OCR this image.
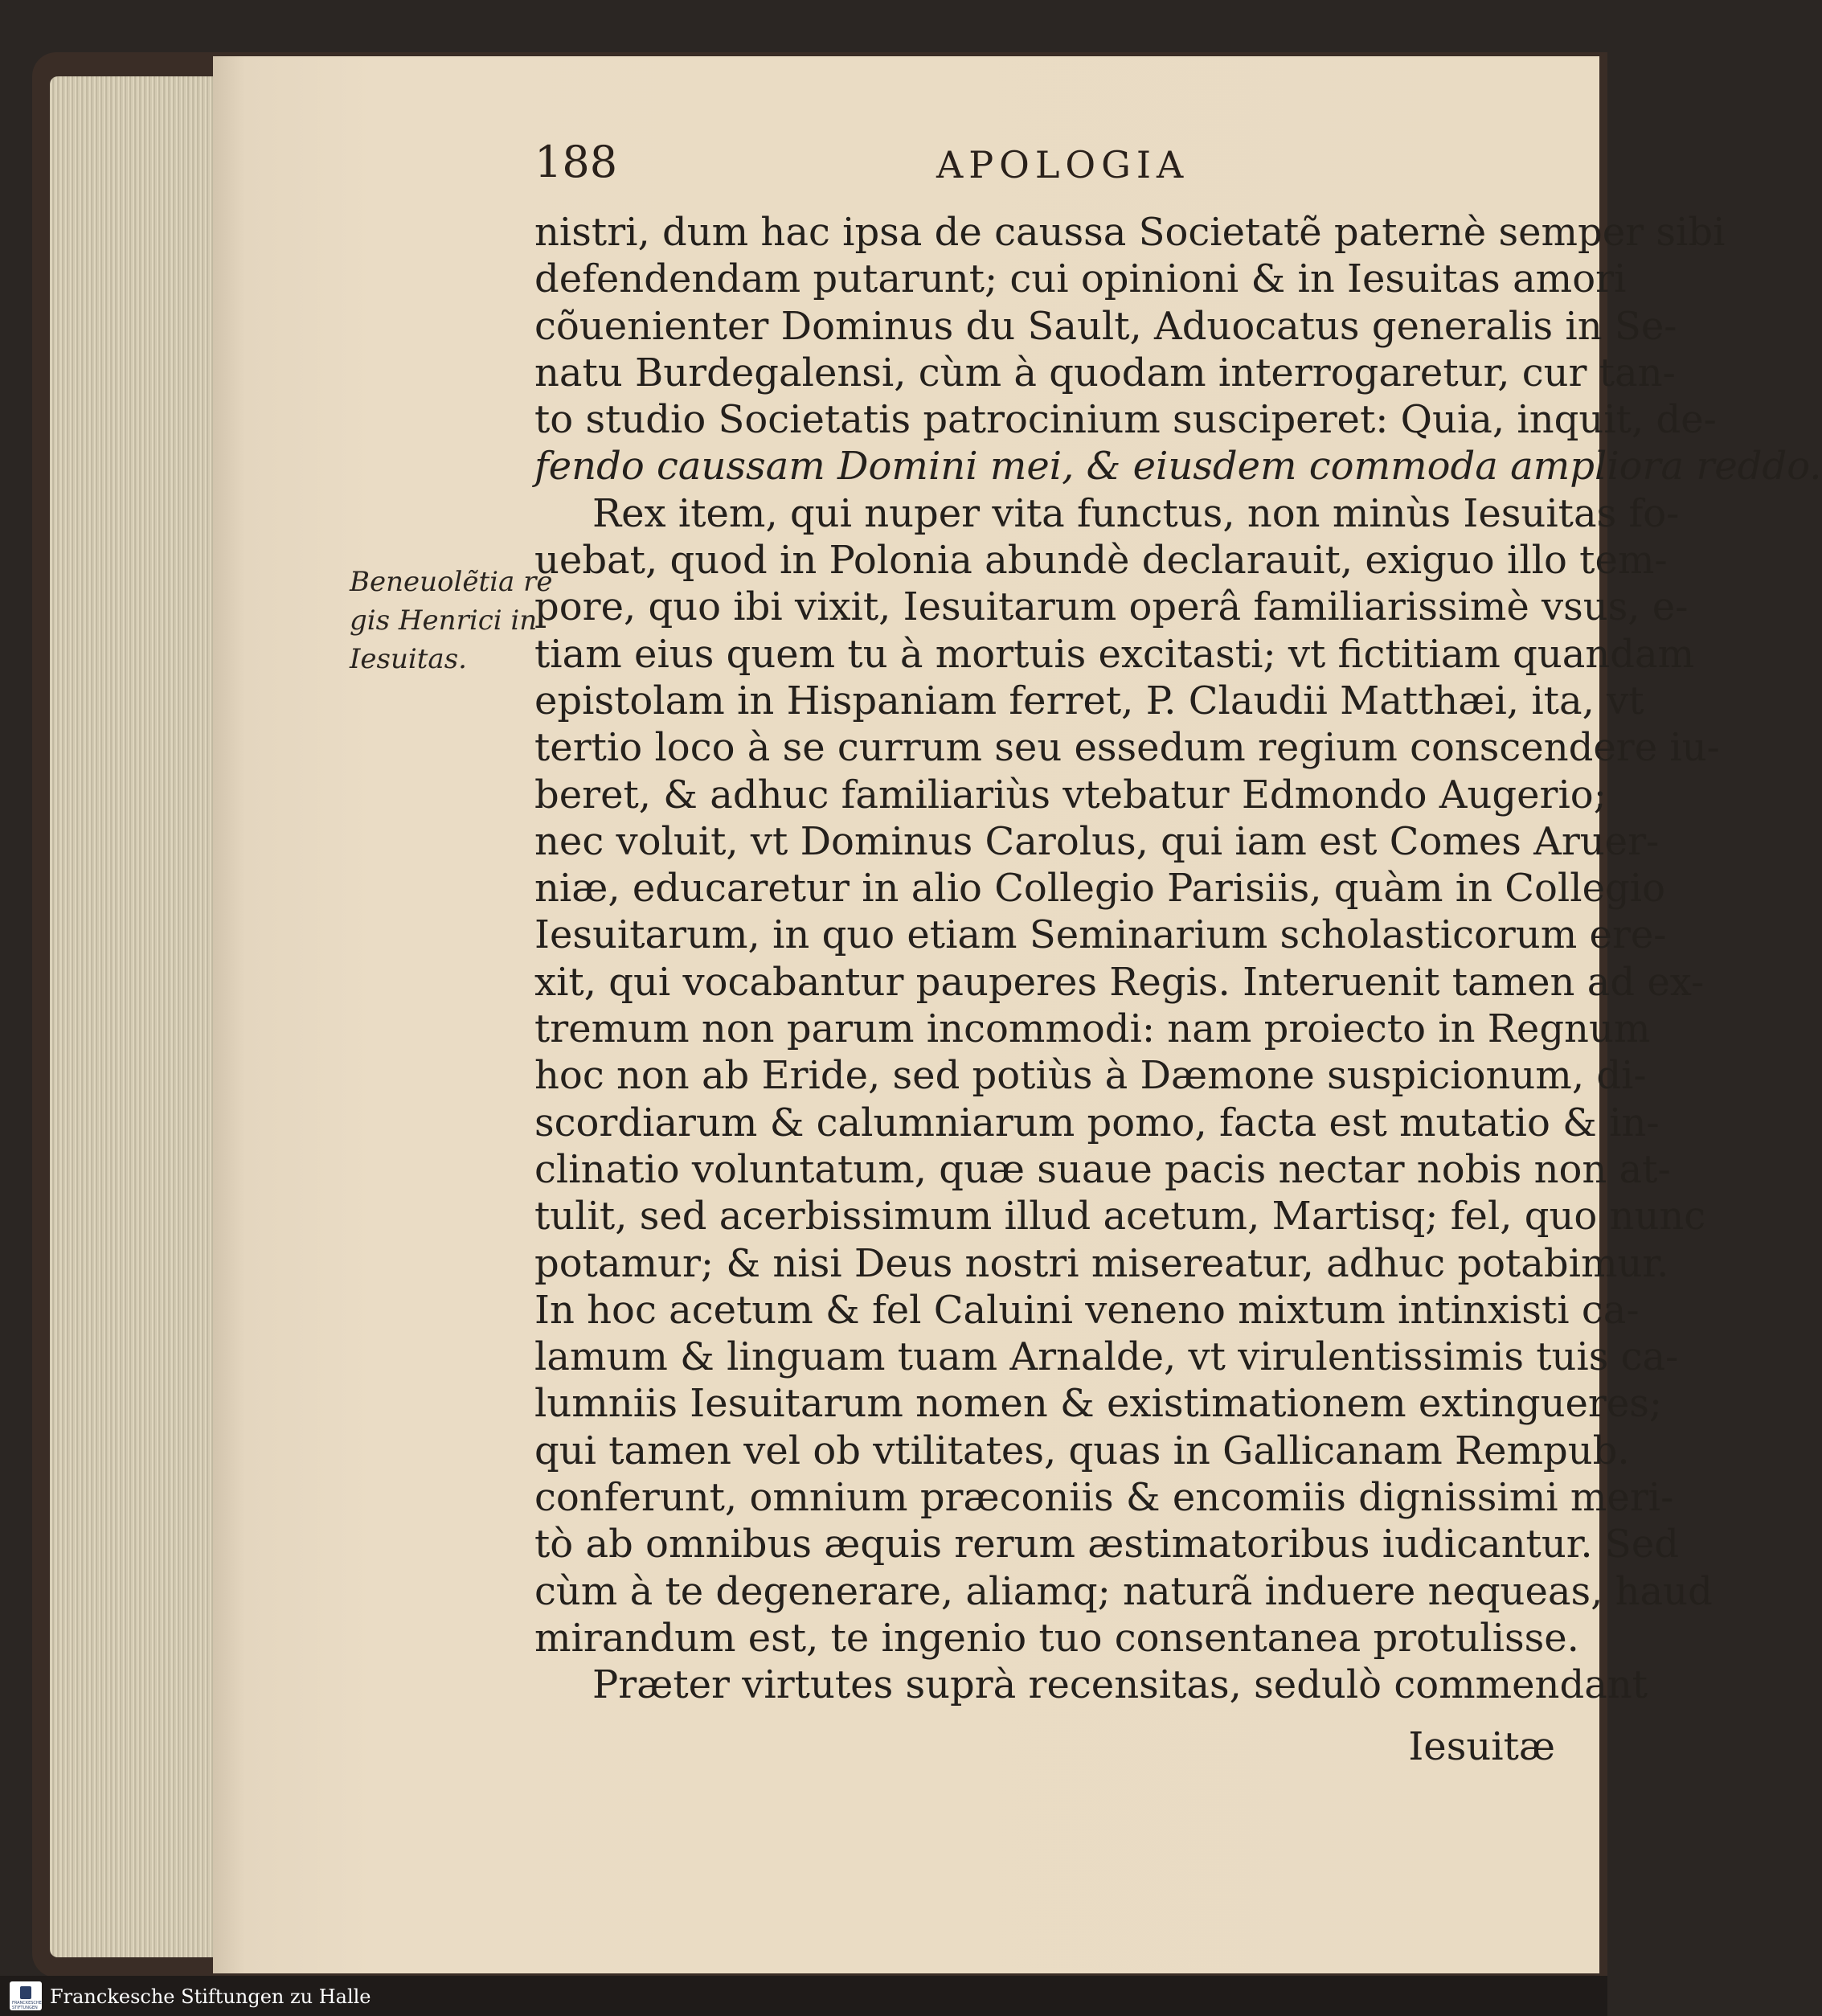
188	APOLOGIA
Beneuolẽtia re
gis Henrici in
Iesuitas.
nistri, dum hac ipsa de caussa Societatẽ paternè semper sibi
defendendam putarunt; cui opinioni & in Iesuitas amori
cõuenienter Dominus du Sault, Aduocatus generalis in Se-
natu Burdegalensi, cùm à quodam interrogaretur, cur tan-
to studio Societatis patrocinium susciperet: Quia, inquit, de-
fendo caussam Domini mei, & eiusdem commoda ampliora reddo.
Rex item, qui nuper vita functus, non minùs Iesuitas fo-
uebat, quod in Polonia abundè declarauit, exiguo illo tem-
pore, quo ibi vixit, Iesuitarum operâ familiarissimè vsus, e-
tiam eius quem tu à mortuis excitasti; vt fictitiam quandam
epistolam in Hispaniam ferret, P. Claudii Matthæi, ita, vt
tertio loco à se currum seu essedum regium conscendere iu-
beret, & adhuc familiariùs vtebatur Edmondo Augerio;
nec voluit, vt Dominus Carolus, qui iam est Comes Aruer-
niæ, educaretur in alio Collegio Parisiis, quàm in Collegio
Iesuitarum, in quo etiam Seminarium scholasticorum ere-
xit, qui vocabantur pauperes Regis. Interuenit tamen ad ex-
tremum non parum incommodi: nam proiecto in Regnum
hoc non ab Eride, sed potiùs à Dæmone suspicionum, di-
scordiarum & calumniarum pomo, facta est mutatio & in-
clinatio voluntatum, quæ suaue pacis nectar nobis non at-
tulit, sed acerbissimum illud acetum, Martisq; fel, quo nunc
potamur; & nisi Deus nostri misereatur, adhuc potabimur.
In hoc acetum & fel Caluini veneno mixtum intinxisti ca-
lamum & linguam tuam Arnalde, vt virulentissimis tuis ca-
lumniis Iesuitarum nomen & existimationem extingueres;
qui tamen vel ob vtilitates, quas in Gallicanam Rempub.
conferunt, omnium præconiis & encomiis dignissimi meri-
tò ab omnibus æquis rerum æstimatoribus iudicantur. Sed
cùm à te degenerare, aliamq; naturã induere nequeas, haud
mirandum est, te ingenio tuo consentanea protulisse.
Præter virtutes suprà recensitas, sedulò commendant
Iesuitæ
FRANCKESCHE STIFTUNGEN Franckesche Stiftungen zu Halle
